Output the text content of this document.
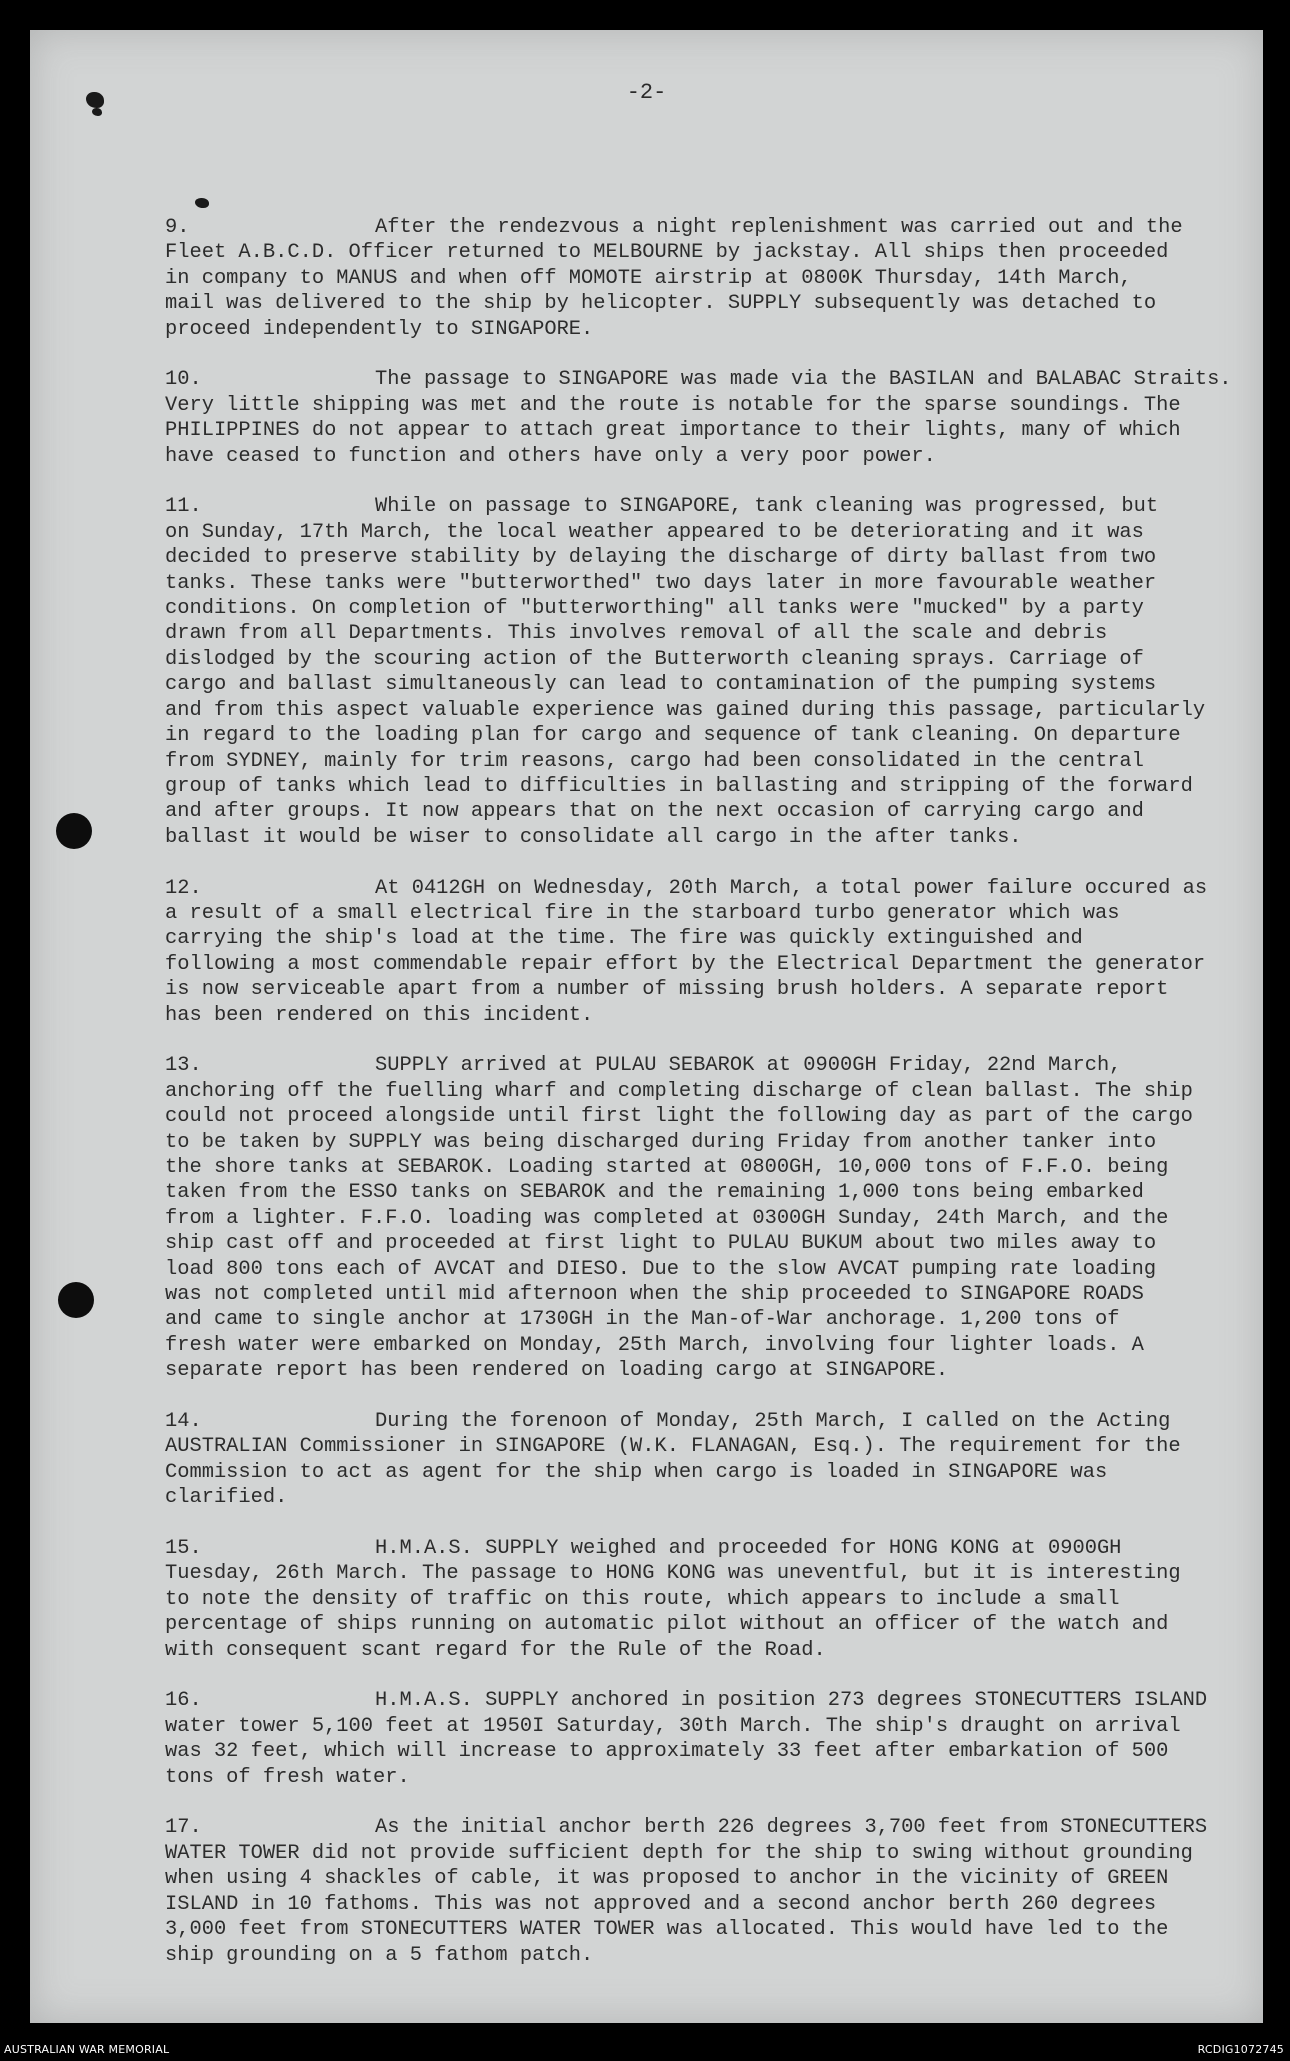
-2-
9.	After the rendezvous a night replenishment was carried out and the
Fleet A.B.C.D. Officer returned to MELBOURNE by jackstay. All ships then proceeded
in company to MANUS and when off MOMOTE airstrip at 0800K Thursday, 14th March,
mail was delivered to the ship by helicopter. SUPPLY subsequently was detached to
proceed independently to SINGAPORE.
10.	The passage to SINGAPORE was made via the BASILAN and BALABAC Straits.
Very little shipping was met and the route is notable for the sparse soundings. The
PHILIPPINES do not appear to attach great importance to their lights, many of which
have ceased to function and others have only a very poor power.
11.	While on passage to SINGAPORE, tank cleaning was progressed, but
on Sunday, 17th March, the local weather appeared to be deteriorating and it was
decided to preserve stability by delaying the discharge of dirty ballast from two
tanks. These tanks were "butterworthed" two days later in more favourable weather
conditions. On completion of "butterworthing" all tanks were "mucked" by a party
drawn from all Departments. This involves removal of all the scale and debris
dislodged by the scouring action of the Butterworth cleaning sprays. Carriage of
cargo and ballast simultaneously can lead to contamination of the pumping systems
and from this aspect valuable experience was gained during this passage, particularly
in regard to the loading plan for cargo and sequence of tank cleaning. On departure
from SYDNEY, mainly for trim reasons, cargo had been consolidated in the central
group of tanks which lead to difficulties in ballasting and stripping of the forward
and after groups. It now appears that on the next occasion of carrying cargo and
ballast it would be wiser to consolidate all cargo in the after tanks.
12.	At 0412GH on Wednesday, 20th March, a total power failure occured as
a result of a small electrical fire in the starboard turbo generator which was
carrying the ship's load at the time. The fire was quickly extinguished and
following a most commendable repair effort by the Electrical Department the generator
is now serviceable apart from a number of missing brush holders. A separate report
has been rendered on this incident.
13.	SUPPLY arrived at PULAU SEBAROK at 0900GH Friday, 22nd March,
anchoring off the fuelling wharf and completing discharge of clean ballast. The ship
could not proceed alongside until first light the following day as part of the cargo
to be taken by SUPPLY was being discharged during Friday from another tanker into
the shore tanks at SEBAROK. Loading started at 0800GH, 10,000 tons of F.F.O. being
taken from the ESSO tanks on SEBAROK and the remaining 1,000 tons being embarked
from a lighter. F.F.O. loading was completed at 0300GH Sunday, 24th March, and the
ship cast off and proceeded at first light to PULAU BUKUM about two miles away to
load 800 tons each of AVCAT and DIESO. Due to the slow AVCAT pumping rate loading
was not completed until mid afternoon when the ship proceeded to SINGAPORE ROADS
and came to single anchor at 1730GH in the Man-of-War anchorage. 1,200 tons of
fresh water were embarked on Monday, 25th March, involving four lighter loads. A
separate report has been rendered on loading cargo at SINGAPORE.
14.	During the forenoon of Monday, 25th March, I called on the Acting
AUSTRALIAN Commissioner in SINGAPORE (W.K. FLANAGAN, Esq.). The requirement for the
Commission to act as agent for the ship when cargo is loaded in SINGAPORE was
clarified.
15.	H.M.A.S. SUPPLY weighed and proceeded for HONG KONG at 0900GH
Tuesday, 26th March. The passage to HONG KONG was uneventful, but it is interesting
to note the density of traffic on this route, which appears to include a small
percentage of ships running on automatic pilot without an officer of the watch and
with consequent scant regard for the Rule of the Road.
16.	H.M.A.S. SUPPLY anchored in position 273 degrees STONECUTTERS ISLAND
water tower 5,100 feet at 1950I Saturday, 30th March. The ship's draught on arrival
was 32 feet, which will increase to approximately 33 feet after embarkation of 500
tons of fresh water.
17.	As the initial anchor berth 226 degrees 3,700 feet from STONECUTTERS
WATER TOWER did not provide sufficient depth for the ship to swing without grounding
when using 4 shackles of cable, it was proposed to anchor in the vicinity of GREEN
ISLAND in 10 fathoms. This was not approved and a second anchor berth 260 degrees
3,000 feet from STONECUTTERS WATER TOWER was allocated. This would have led to the
ship grounding on a 5 fathom patch.
AUSTRALIAN WAR MEMORIAL	RCDIG1072745
